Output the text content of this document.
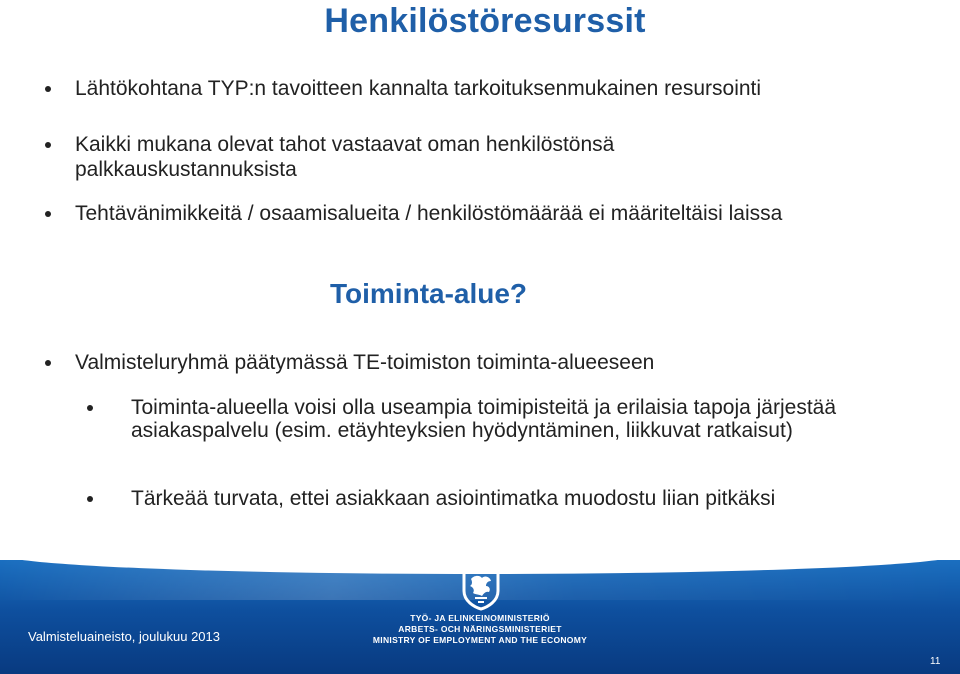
Henkilöstöresurssit
Lähtökohtana TYP:n tavoitteen kannalta tarkoituksenmukainen resursointi
Kaikki mukana olevat tahot vastaavat oman henkilöstönsä palkkauskustannuksista
Tehtävänimikkeitä / osaamisalueita / henkilöstömäärää ei määriteltäisi laissa
Toiminta-alue?
Valmisteluryhmä päätymässä TE-toimiston toiminta-alueeseen
Toiminta-alueella voisi olla useampia toimipisteitä ja erilaisia tapoja järjestää asiakaspalvelu (esim. etäyhteyksien hyödyntäminen, liikkuvat ratkaisut)
Tärkeää turvata, ettei asiakkaan asiointimatka muodostu liian pitkäksi
TYÖ- JA ELINKEINOMINISTERIÖ
ARBETS- OCH NÄRINGSMINISTERIET
MINISTRY OF EMPLOYMENT AND THE ECONOMY
Valmisteluaineisto, joulukuu 2013
11
